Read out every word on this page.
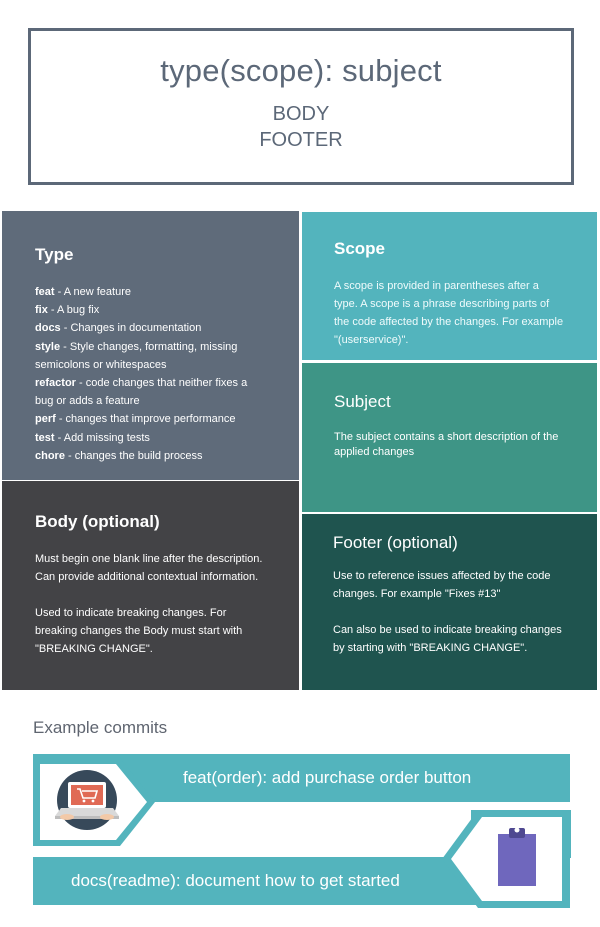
type(scope): subject
BODY
FOOTER
Type

feat - A new feature
fix - A bug fix
docs - Changes in documentation
style - Style changes, formatting, missing semicolons or whitespaces
refactor - code changes that neither fixes a bug or adds a feature
perf - changes that improve performance
test - Add missing tests
chore - changes the build process

Scope

A scope is provided in parentheses after a type. A scope is a phrase describing parts of the code affected by the changes. For example "(userservice)".

Subject

The subject contains a short description of the applied changes

Body (optional)

Must begin one blank line after the description. Can provide additional contextual information.

Used to indicate breaking changes. For breaking changes the Body must start with "BREAKING CHANGE".

Footer (optional)

Use to reference issues affected by the code changes. For example "Fixes #13"

Can also be used to indicate breaking changes by starting with "BREAKING CHANGE".

Example commits
feat(order): add purchase order button
docs(readme): document how to get started
